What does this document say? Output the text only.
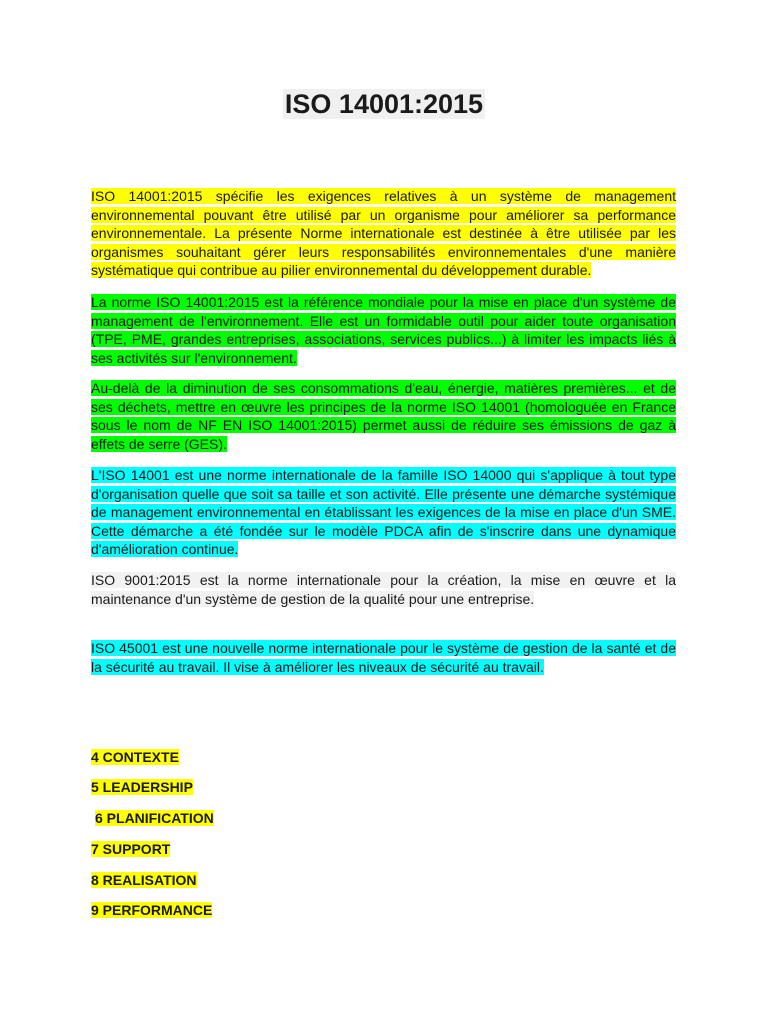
ISO 14001:2015
ISO 14001:2015 spécifie les exigences relatives à un système de management environnemental pouvant être utilisé par un organisme pour améliorer sa performance environnementale. La présente Norme internationale est destinée à être utilisée par les organismes souhaitant gérer leurs responsabilités environnementales d'une manière systématique qui contribue au pilier environnemental du développement durable.
La norme ISO 14001:2015 est la référence mondiale pour la mise en place d'un système de management de l'environnement. Elle est un formidable outil pour aider toute organisation (TPE, PME, grandes entreprises, associations, services publics...) à limiter les impacts liés à ses activités sur l'environnement.
Au-delà de la diminution de ses consommations d'eau, énergie, matières premières... et de ses déchets, mettre en œuvre les principes de la norme ISO 14001 (homologuée en France sous le nom de NF EN ISO 14001:2015) permet aussi de réduire ses émissions de gaz à effets de serre (GES).
L'ISO 14001 est une norme internationale de la famille ISO 14000 qui s'applique à tout type d'organisation quelle que soit sa taille et son activité. Elle présente une démarche systémique de management environnemental en établissant les exigences de la mise en place d'un SME. Cette démarche a été fondée sur le modèle PDCA afin de s'inscrire dans une dynamique d'amélioration continue.
ISO 9001:2015 est la norme internationale pour la création, la mise en œuvre et la maintenance d'un système de gestion de la qualité pour une entreprise.
ISO 45001 est une nouvelle norme internationale pour le système de gestion de la santé et de la sécurité au travail. Il vise à améliorer les niveaux de sécurité au travail.
4 CONTEXTE
5 LEADERSHIP
6 PLANIFICATION
7 SUPPORT
8 REALISATION
9 PERFORMANCE
